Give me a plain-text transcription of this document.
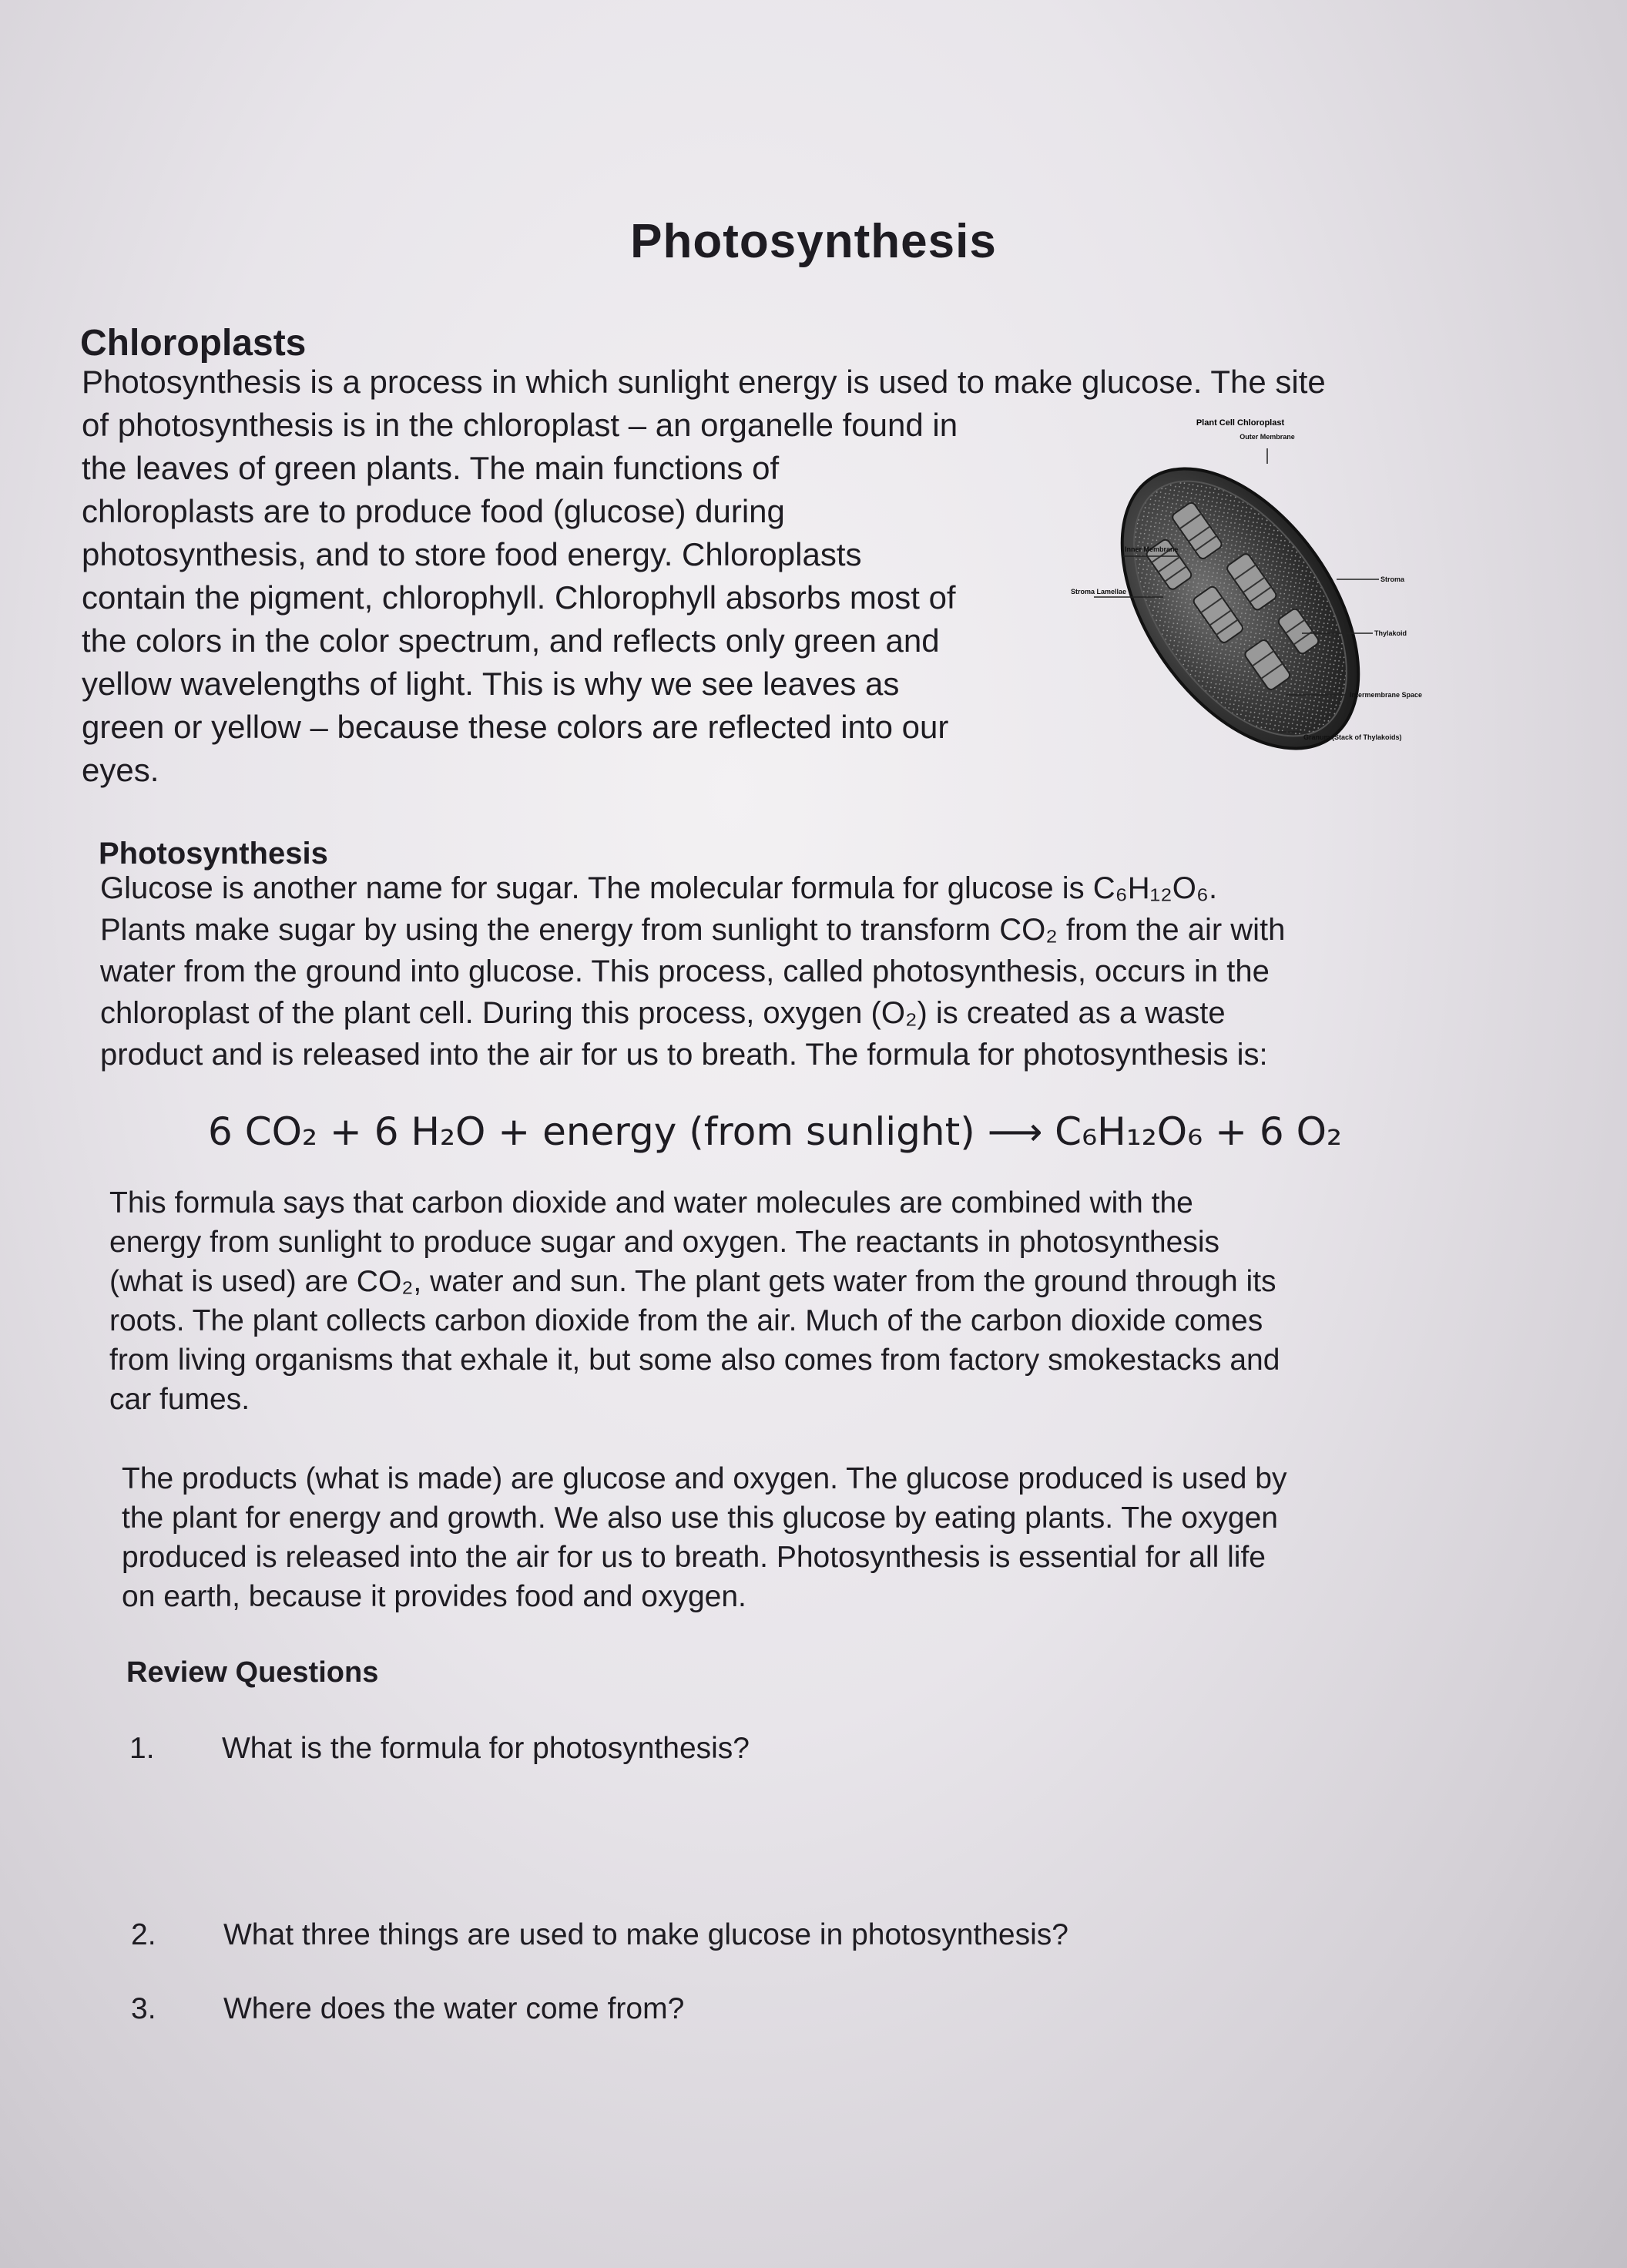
Photosynthesis
Chloroplasts

Photosynthesis is a process in which sunlight energy is used to make glucose. The site
of photosynthesis is in the chloroplast – an organelle found in
the leaves of green plants. The main functions of
chloroplasts are to produce food (glucose) during
photosynthesis, and to store food energy. Chloroplasts
contain the pigment, chlorophyll. Chlorophyll absorbs most of
the colors in the color spectrum, and reflects only green and
yellow wavelengths of light. This is why we see leaves as
green or yellow – because these colors are reflected into our
eyes.

Plant Cell Chloroplast
Outer Membrane
Inner Membrane
Stroma Lamellae
Stroma
Thylakoid
Intermembrane Space
Granum (Stack of Thylakoids)
Photosynthesis

Glucose is another name for sugar. The molecular formula for glucose is C₆H₁₂O₆.
Plants make sugar by using the energy from sunlight to transform CO₂ from the air with
water from the ground into glucose. This process, called photosynthesis, occurs in the
chloroplast of the plant cell. During this process, oxygen (O₂) is created as a waste
product and is released into the air for us to breath. The formula for photosynthesis is:

6 CO₂ + 6 H₂O + energy (from sunlight) ⟶ C₆H₁₂O₆ + 6 O₂

This formula says that carbon dioxide and water molecules are combined with the
energy from sunlight to produce sugar and oxygen. The reactants in photosynthesis
(what is used) are CO₂, water and sun. The plant gets water from the ground through its
roots. The plant collects carbon dioxide from the air. Much of the carbon dioxide comes
from living organisms that exhale it, but some also comes from factory smokestacks and
car fumes.

The products (what is made) are glucose and oxygen. The glucose produced is used by
the plant for energy and growth. We also use this glucose by eating plants. The oxygen
produced is released into the air for us to breath. Photosynthesis is essential for all life
on earth, because it provides food and oxygen.

Review Questions

1. What is the formula for photosynthesis?

2. What three things are used to make glucose in photosynthesis?

3. Where does the water come from?
